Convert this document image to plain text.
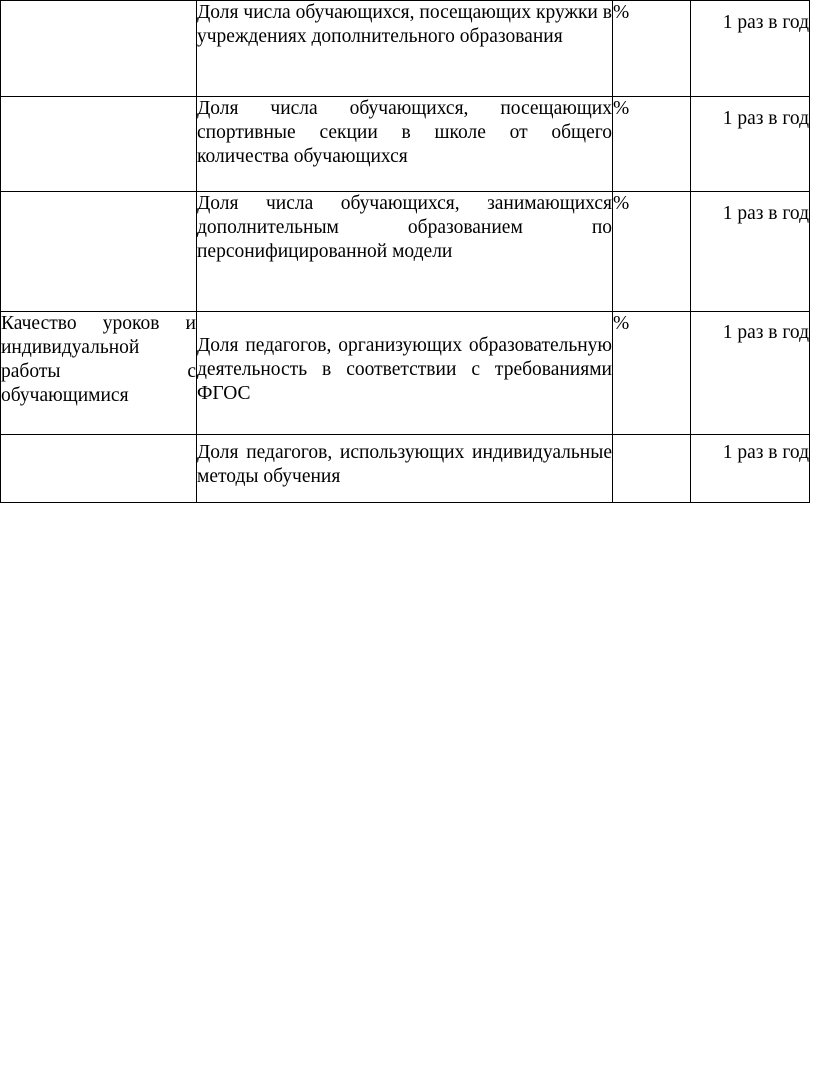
	Доля числа обучающихся, посещающих кружки в учреждениях дополнительного образования	%	1 раз в год
	Доля числа обучающихся, посещающих спортивные секции в школе от общего количества обучающихся	%	1 раз в год
	Доля числа обучающихся, занимающихся дополнительным образованием по персонифицированной модели	%	1 раз в год
Качество уроков и индивидуальной работы с обучающимися	Доля педагогов, организующих образовательную деятельность в соответствии с требованиями ФГОС	%	1 раз в год
	Доля педагогов, использующих индивидуальные методы обучения		1 раз в год
